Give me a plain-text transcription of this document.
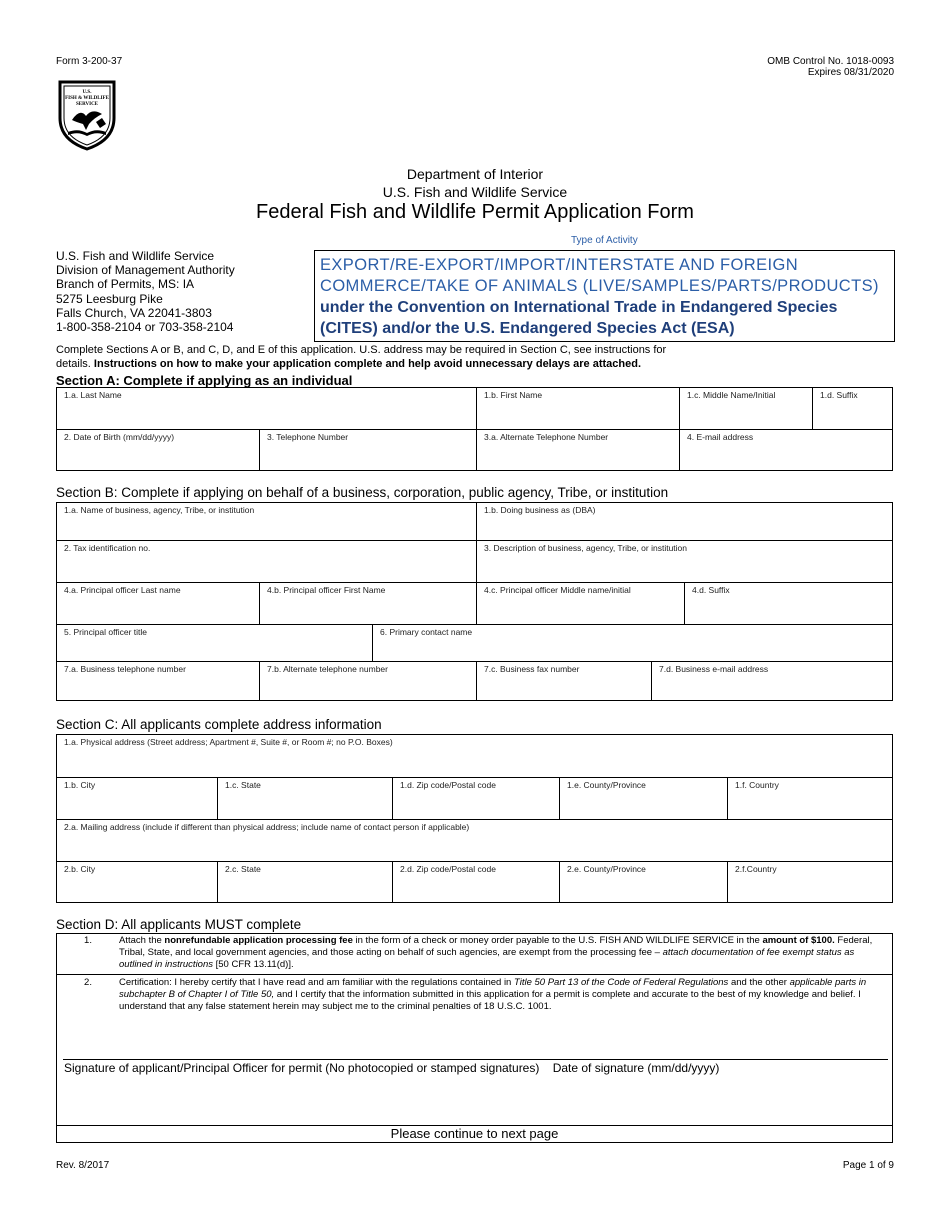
Form 3-200-37	OMB Control No. 1018-0093
Expires 08/31/2020
U.S.
FISH & WILDLIFE
SERVICE
Department of Interior
U.S. Fish and Wildlife Service
Federal Fish and Wildlife Permit Application Form
Type of Activity
U.S. Fish and Wildlife Service
Division of Management Authority
Branch of Permits, MS: IA
5275 Leesburg Pike
Falls Church, VA 22041-3803
1-800-358-2104 or 703-358-2104
EXPORT/RE-EXPORT/IMPORT/INTERSTATE AND FOREIGN
COMMERCE/TAKE OF ANIMALS (LIVE/SAMPLES/PARTS/PRODUCTS)
under the Convention on International Trade in Endangered Species
(CITES) and/or the U.S. Endangered Species Act (ESA)
Complete Sections A or B, and C, D, and E of this application. U.S. address may be required in Section C, see instructions for
details. Instructions on how to make your application complete and help avoid unnecessary delays are attached.
Section A: Complete if applying as an individual
1.a. Last Name	1.b. First Name	1.c. Middle Name/Initial	1.d. Suffix
2. Date of Birth (mm/dd/yyyy)	3. Telephone Number	3.a. Alternate Telephone Number	4. E-mail address
Section B: Complete if applying on behalf of a business, corporation, public agency, Tribe, or institution
1.a. Name of business, agency, Tribe, or institution	1.b. Doing business as (DBA)
2. Tax identification no.	3. Description of business, agency, Tribe, or institution
4.a. Principal officer Last name	4.b. Principal officer First Name	4.c. Principal officer Middle name/initial	4.d. Suffix
5. Principal officer title	6. Primary contact name
7.a. Business telephone number	7.b. Alternate telephone number	7.c. Business fax number	7.d. Business e-mail address
Section C: All applicants complete address information
1.a. Physical address (Street address; Apartment #, Suite #, or Room #; no P.O. Boxes)
1.b. City	1.c. State	1.d. Zip code/Postal code	1.e. County/Province	1.f. Country
2.a. Mailing address (include if different than physical address; include name of contact person if applicable)
2.b. City	2.c. State	2.d. Zip code/Postal code	2.e. County/Province	2.f.Country
Section D: All applicants MUST complete
1.	Attach the nonrefundable application processing fee in the form of a check or money order payable to the U.S. FISH AND WILDLIFE SERVICE in the amount of $100. Federal, Tribal, State, and local government agencies, and those acting on behalf of such agencies, are exempt from the processing fee – attach documentation of fee exempt status as outlined in instructions [50 CFR 13.11(d)].
2.	Certification: I hereby certify that I have read and am familiar with the regulations contained in Title 50 Part 13 of the Code of Federal Regulations and the other applicable parts in subchapter B of Chapter I of Title 50, and I certify that the information submitted in this application for a permit is complete and accurate to the best of my knowledge and belief. I understand that any false statement herein may subject me to the criminal penalties of 18 U.S.C. 1001.
Signature of applicant/Principal Officer for permit (No photocopied or stamped signatures) Date of signature (mm/dd/yyyy)
Please continue to next page
Rev. 8/2017	Page 1 of 9
